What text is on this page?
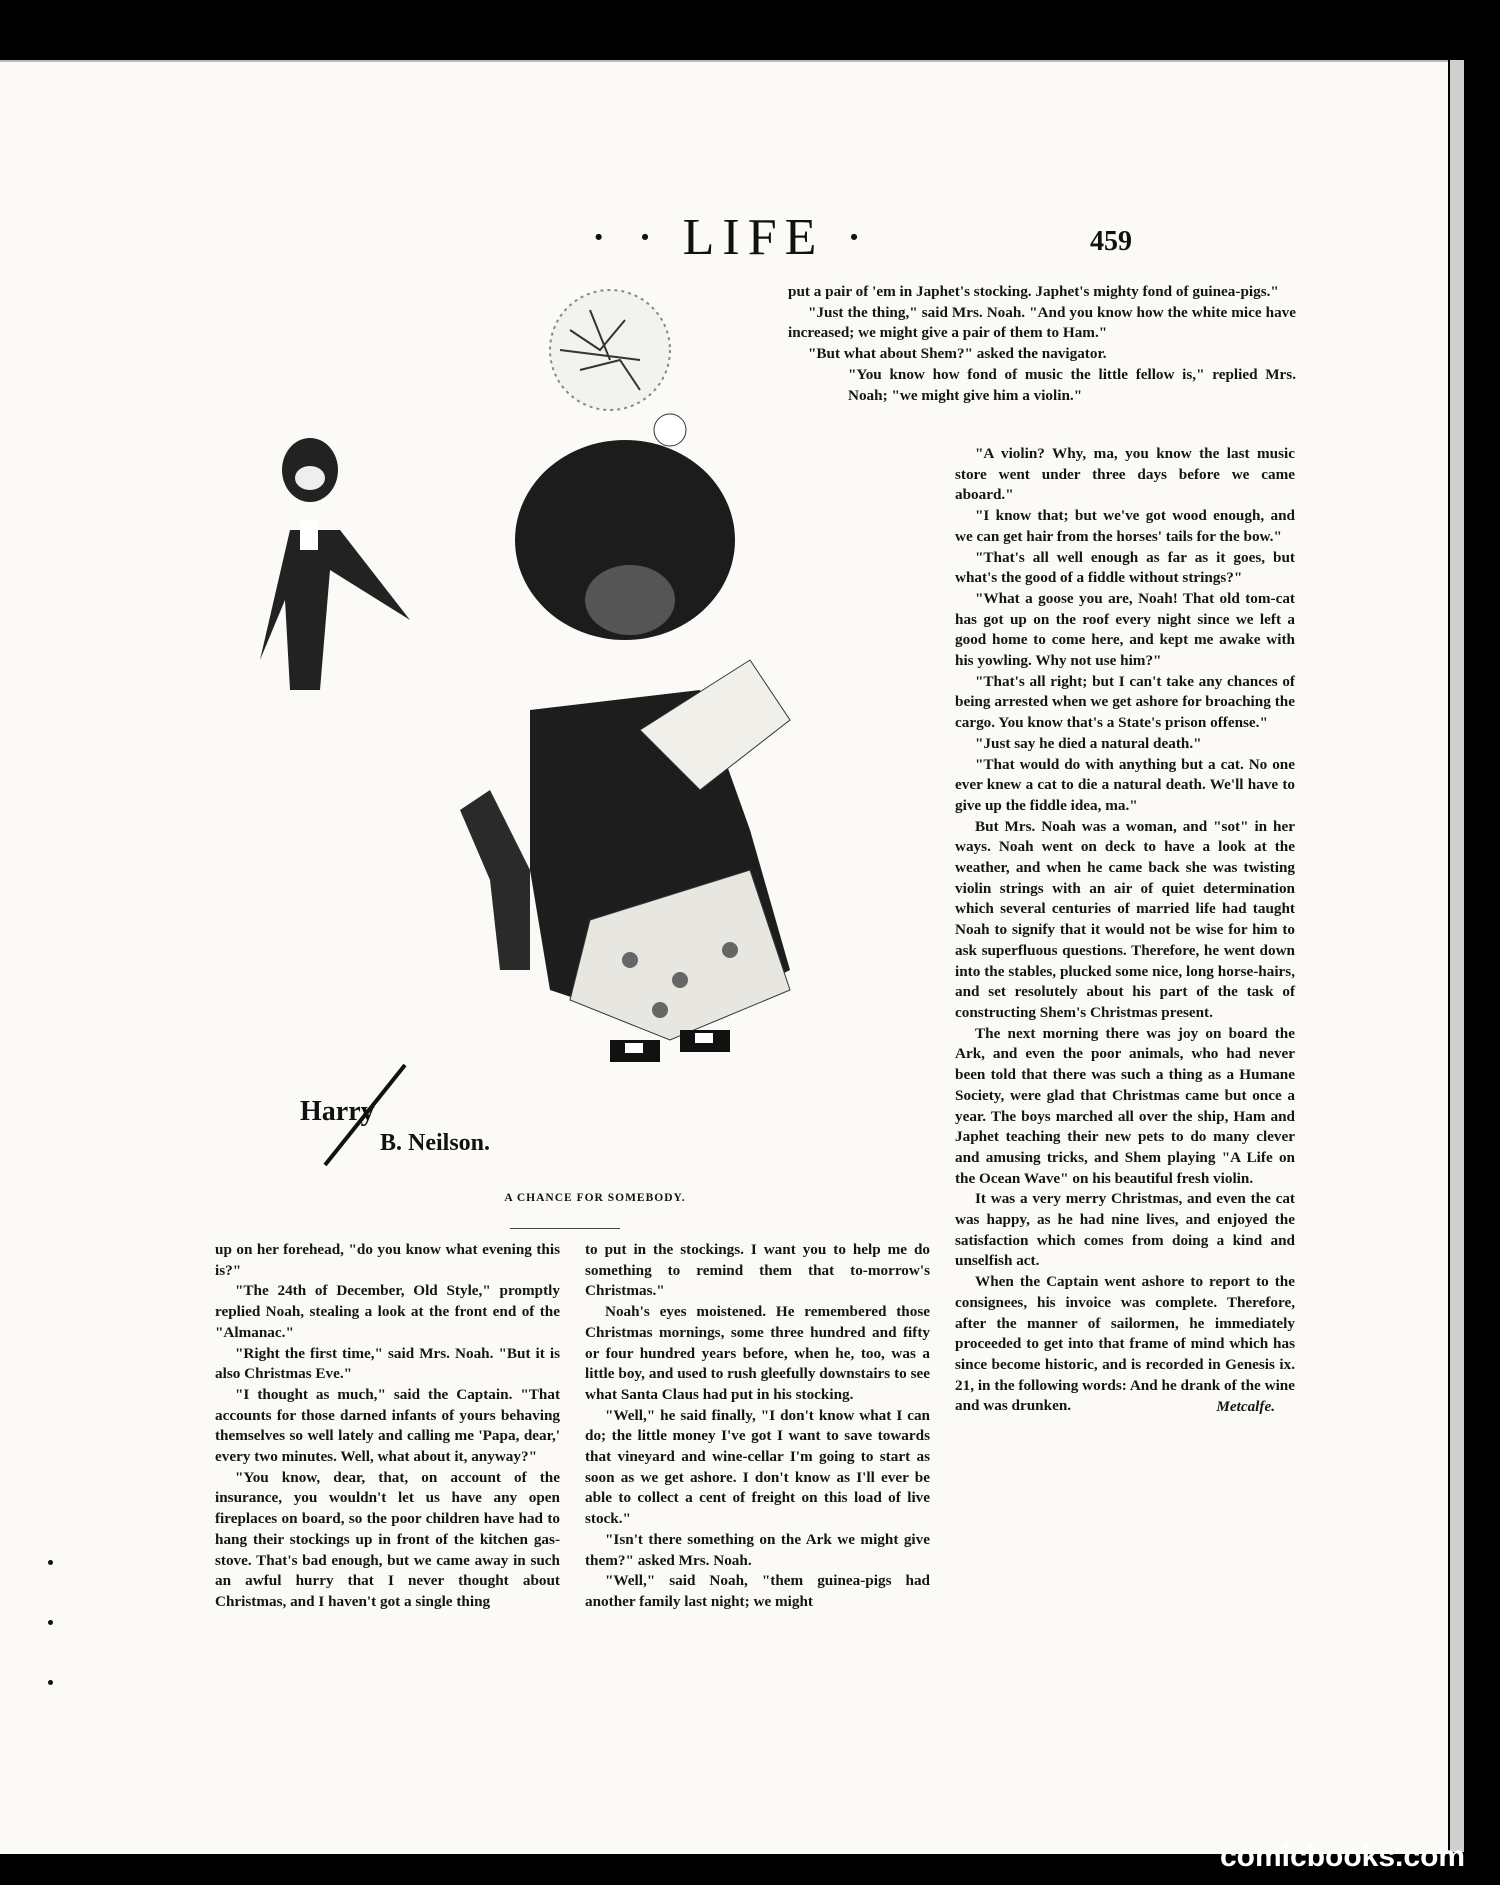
· · LIFE ·	459
Harry
B. Neilson.
A CHANCE FOR SOMEBODY.

put a pair of 'em in Japhet's stocking. Japhet's mighty fond of guinea-pigs."

"Just the thing," said Mrs. Noah. "And you know how the white mice have increased; we might give a pair of them to Ham."

"But what about Shem?" asked the navigator.

"You know how fond of music the little fellow is," replied Mrs. Noah; "we might give him a violin."

"A violin? Why, ma, you know the last music store went under three days before we came aboard."

"I know that; but we've got wood enough, and we can get hair from the horses' tails for the bow."

"That's all well enough as far as it goes, but what's the good of a fiddle without strings?"

"What a goose you are, Noah! That old tom-cat has got up on the roof every night since we left a good home to come here, and kept me awake with his yowling. Why not use him?"

"That's all right; but I can't take any chances of being arrested when we get ashore for broaching the cargo. You know that's a State's prison offense."

"Just say he died a natural death."

"That would do with anything but a cat. No one ever knew a cat to die a natural death. We'll have to give up the fiddle idea, ma."

But Mrs. Noah was a woman, and "sot" in her ways. Noah went on deck to have a look at the weather, and when he came back she was twisting violin strings with an air of quiet determination which several centuries of married life had taught Noah to signify that it would not be wise for him to ask superfluous questions. Therefore, he went down into the stables, plucked some nice, long horse-hairs, and set resolutely about his part of the task of constructing Shem's Christmas present.

The next morning there was joy on board the Ark, and even the poor animals, who had never been told that there was such a thing as a Humane Society, were glad that Christmas came but once a year. The boys marched all over the ship, Ham and Japhet teaching their new pets to do many clever and amusing tricks, and Shem playing "A Life on the Ocean Wave" on his beautiful fresh violin.

It was a very merry Christmas, and even the cat was happy, as he had nine lives, and enjoyed the satisfaction which comes from doing a kind and unselfish act.

When the Captain went ashore to report to the consignees, his invoice was complete. Therefore, after the manner of sailormen, he immediately proceeded to get into that frame of mind which has since become historic, and is recorded in Genesis ix. 21, in the following words: And he drank of the wine and was drunken.	Metcalfe.

up on her forehead, "do you know what evening this is?"

"The 24th of December, Old Style," promptly replied Noah, stealing a look at the front end of the "Almanac."

"Right the first time," said Mrs. Noah. "But it is also Christmas Eve."

"I thought as much," said the Captain. "That accounts for those darned infants of yours behaving themselves so well lately and calling me 'Papa, dear,' every two minutes. Well, what about it, anyway?"

"You know, dear, that, on account of the insurance, you wouldn't let us have any open fireplaces on board, so the poor children have had to hang their stockings up in front of the kitchen gas-stove. That's bad enough, but we came away in such an awful hurry that I never thought about Christmas, and I haven't got a single thing

to put in the stockings. I want you to help me do something to remind them that to-morrow's Christmas."

Noah's eyes moistened. He remembered those Christmas mornings, some three hundred and fifty or four hundred years before, when he, too, was a little boy, and used to rush gleefully downstairs to see what Santa Claus had put in his stocking.

"Well," he said finally, "I don't know what I can do; the little money I've got I want to save towards that vineyard and wine-cellar I'm going to start as soon as we get ashore. I don't know as I'll ever be able to collect a cent of freight on this load of live stock."

"Isn't there something on the Ark we might give them?" asked Mrs. Noah.

"Well," said Noah, "them guinea-pigs had another family last night; we might

comicbooks.com
